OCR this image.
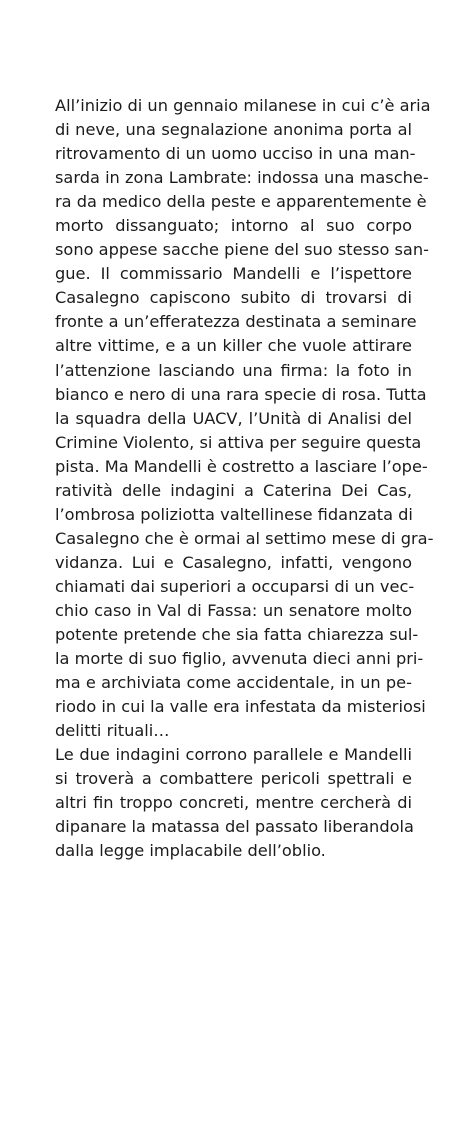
All’inizio di un gennaio milanese in cui c’è aria
di neve, una segnalazione anonima porta al
ritrovamento di un uomo ucciso in una man-
sarda in zona Lambrate: indossa una masche-
ra da medico della peste e apparentemente è
morto dissanguato; intorno al suo corpo
sono appese sacche piene del suo stesso san-
gue. Il commissario Mandelli e l’ispettore
Casalegno capiscono subito di trovarsi di
fronte a un’efferatezza destinata a seminare
altre vittime, e a un killer che vuole attirare
l’attenzione lasciando una firma: la foto in
bianco e nero di una rara specie di rosa. Tutta
la squadra della UACV, l’Unità di Analisi del
Crimine Violento, si attiva per seguire questa
pista. Ma Mandelli è costretto a lasciare l’ope-
ratività delle indagini a Caterina Dei Cas,
l’ombrosa poliziotta valtellinese fidanzata di
Casalegno che è ormai al settimo mese di gra-
vidanza. Lui e Casalegno, infatti, vengono
chiamati dai superiori a occuparsi di un vec-
chio caso in Val di Fassa: un senatore molto
potente pretende che sia fatta chiarezza sul-
la morte di suo figlio, avvenuta dieci anni pri-
ma e archiviata come accidentale, in un pe-
riodo in cui la valle era infestata da misteriosi
delitti rituali…
Le due indagini corrono parallele e Mandelli
si troverà a combattere pericoli spettrali e
altri fin troppo concreti, mentre cercherà di
dipanare la matassa del passato liberandola
dalla legge implacabile dell’oblio.
